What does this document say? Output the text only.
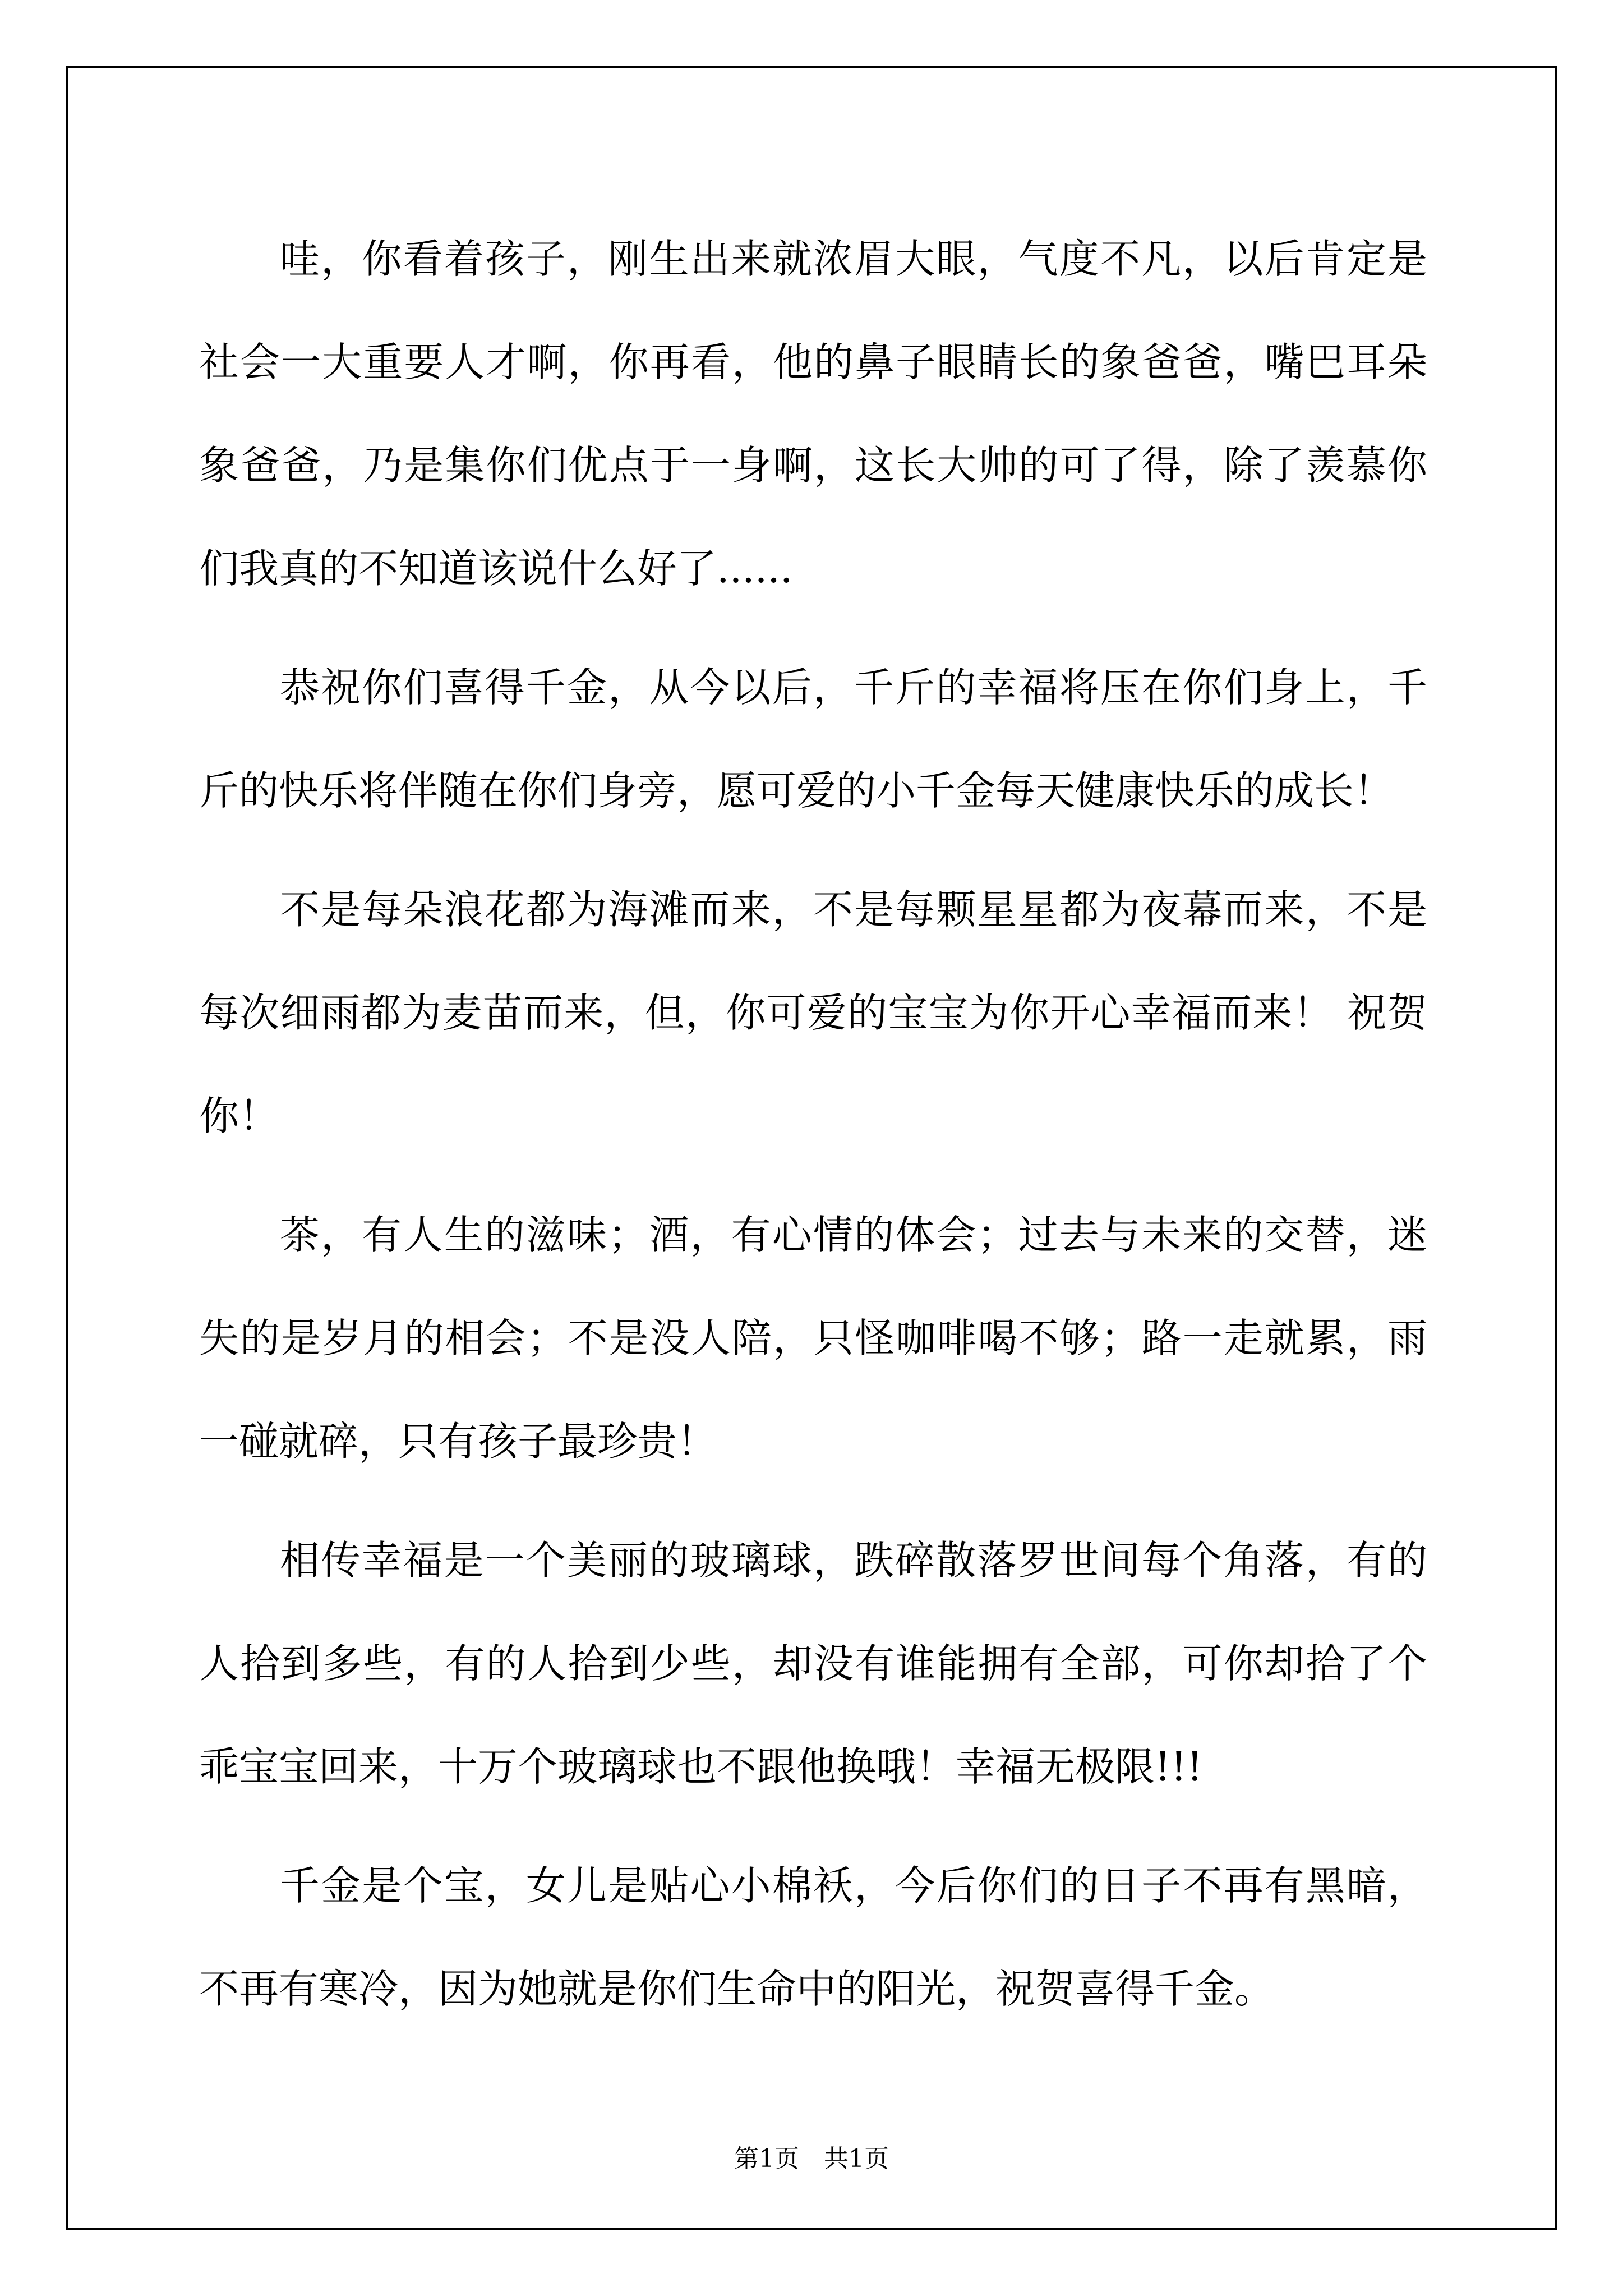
哇，你看着孩子，刚生出来就浓眉大眼，气度不凡，以后肯定是社会一大重要人才啊，你再看，他的鼻子眼睛长的象爸爸，嘴巴耳朵象爸爸，乃是集你们优点于一身啊，这长大帅的可了得，除了羡慕你们我真的不知道该说什么好了......

恭祝你们喜得千金，从今以后，千斤的幸福将压在你们身上，千斤的快乐将伴随在你们身旁，愿可爱的小千金每天健康快乐的成长！

不是每朵浪花都为海滩而来，不是每颗星星都为夜幕而来，不是每次细雨都为麦苗而来，但，你可爱的宝宝为你开心幸福而来！ 祝贺你！

茶，有人生的滋味；酒，有心情的体会；过去与未来的交替，迷失的是岁月的相会；不是没人陪，只怪咖啡喝不够；路一走就累，雨一碰就碎，只有孩子最珍贵！

相传幸福是一个美丽的玻璃球，跌碎散落罗世间每个角落，有的人拾到多些，有的人拾到少些，却没有谁能拥有全部，可你却拾了个乖宝宝回来，十万个玻璃球也不跟他换哦！幸福无极限!!!

千金是个宝，女儿是贴心小棉袄，今后你们的日子不再有黑暗，不再有寒冷，因为她就是你们生命中的阳光，祝贺喜得千金。

第1页　共1页
